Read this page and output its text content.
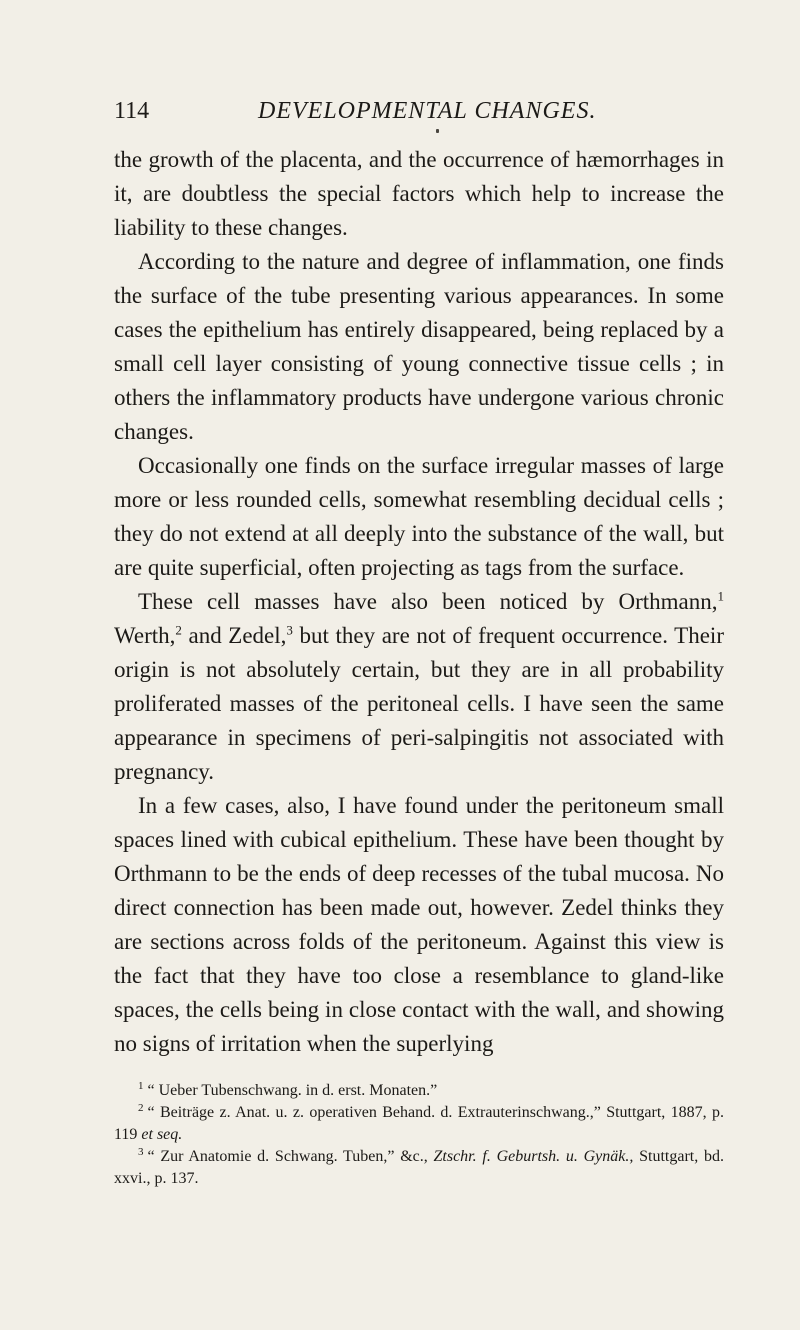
114	DEVELOPMENTAL CHANGES.

the growth of the placenta, and the occurrence of hæmorrhages in it, are doubtless the special factors which help to increase the liability to these changes.

According to the nature and degree of inflammation, one finds the surface of the tube presenting various appearances. In some cases the epithelium has entirely disappeared, being replaced by a small cell layer consisting of young connective tissue cells ; in others the inflammatory products have undergone various chronic changes.

Occasionally one finds on the surface irregular masses of large more or less rounded cells, somewhat resembling decidual cells ; they do not extend at all deeply into the substance of the wall, but are quite superficial, often projecting as tags from the surface.

These cell masses have also been noticed by Orthmann,$^1$ Werth,$^2$ and Zedel,$^3$ but they are not of frequent occurrence. Their origin is not absolutely certain, but they are in all probability proliferated masses of the peritoneal cells. I have seen the same appearance in specimens of peri-salpingitis not associated with pregnancy.

In a few cases, also, I have found under the peritoneum small spaces lined with cubical epithelium. These have been thought by Orthmann to be the ends of deep recesses of the tubal mucosa. No direct connection has been made out, however. Zedel thinks they are sections across folds of the peritoneum. Against this view is the fact that they have too close a resemblance to gland-like spaces, the cells being in close contact with the wall, and showing no signs of irritation when the superlying

$^1$ “ Ueber Tubenschwang. in d. erst. Monaten.”

$^2$ “ Beiträge z. Anat. u. z. operativen Behand. d. Extrauterinschwang.,” Stuttgart, 1887, p. 119 et seq.

$^3$ “ Zur Anatomie d. Schwang. Tuben,” &c., Ztschr. f. Geburtsh. u. Gynäk., Stuttgart, bd. xxvi., p. 137.
